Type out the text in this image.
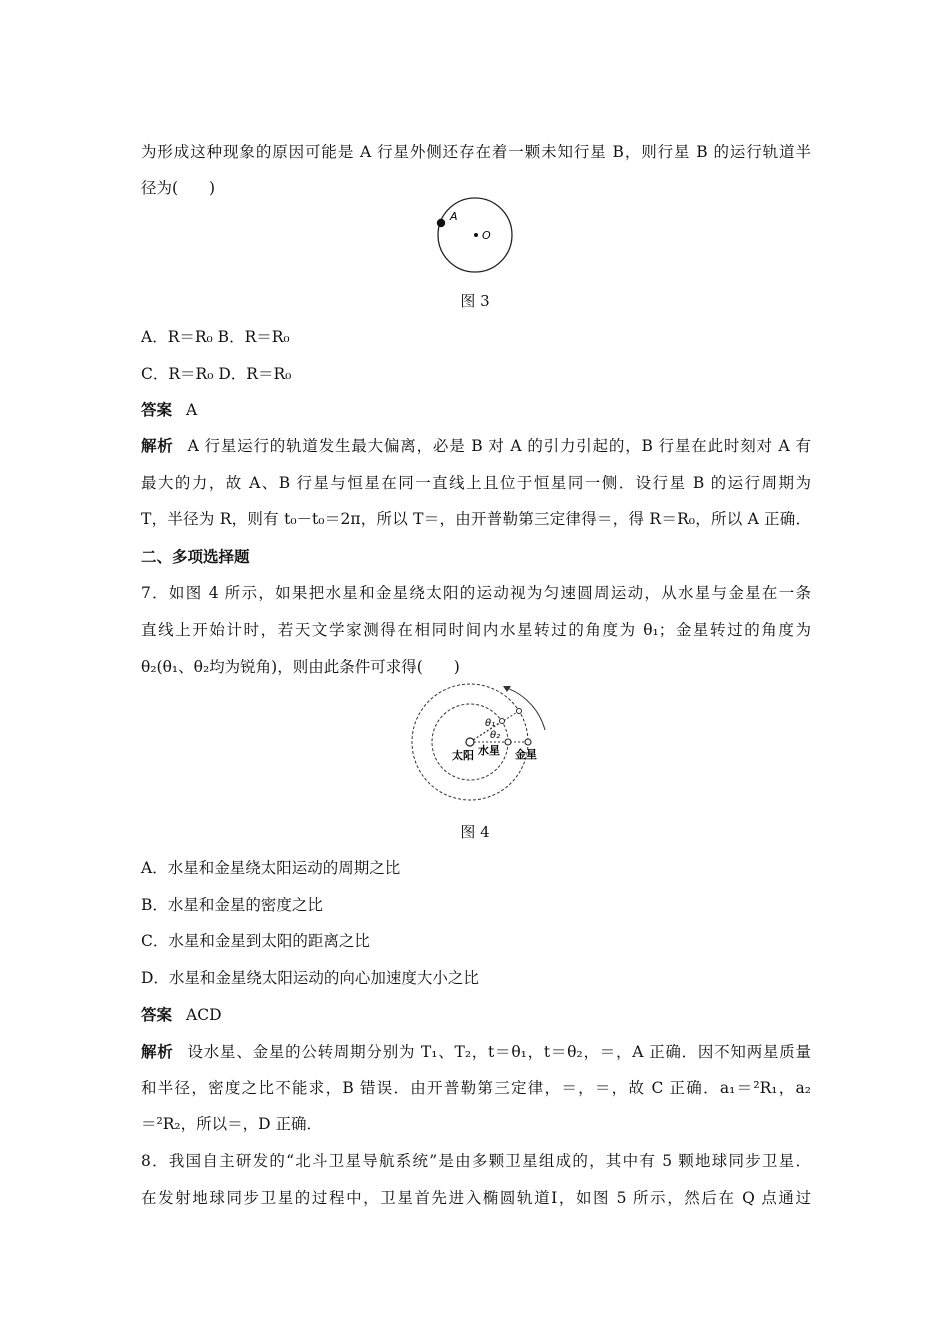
为形成这种现象的原因可能是 A 行星外侧还存在着一颗未知行星 B，则行星 B 的运行轨道半
径为(　　)
A
O
图 3
A．R＝R₀ B．R＝R₀
C．R＝R₀ D．R＝R₀
答案 A
解析 A 行星运行的轨道发生最大偏离，必是 B 对 A 的引力引起的，B 行星在此时刻对 A 有
最大的力，故 A、B 行星与恒星在同一直线上且位于恒星同一侧．设行星 B 的运行周期为
T，半径为 R，则有 t₀－t₀＝2π，所以 T＝，由开普勒第三定律得＝，得 R＝R₀，所以 A 正确．
二、多项选择题
7．如图 4 所示，如果把水星和金星绕太阳的运动视为匀速圆周运动，从水星与金星在一条
直线上开始计时，若天文学家测得在相同时间内水星转过的角度为 θ₁；金星转过的角度为
θ₂(θ₁、θ₂均为锐角)，则由此条件可求得(　　)
θ₁
θ₂
太阳 水星 金星
图 4
A．水星和金星绕太阳运动的周期之比
B．水星和金星的密度之比
C．水星和金星到太阳的距离之比
D．水星和金星绕太阳运动的向心加速度大小之比
答案 ACD
解析 设水星、金星的公转周期分别为 T₁、T₂，t＝θ₁，t＝θ₂，＝，A 正确．因不知两星质量
和半径，密度之比不能求，B 错误．由开普勒第三定律，＝，＝，故 C 正确．a₁＝²R₁，a₂
＝²R₂，所以＝，D 正确．
8．我国自主研发的“北斗卫星导航系统”是由多颗卫星组成的，其中有 5 颗地球同步卫星．
在发射地球同步卫星的过程中，卫星首先进入椭圆轨道Ⅰ，如图 5 所示，然后在 Q 点通过
